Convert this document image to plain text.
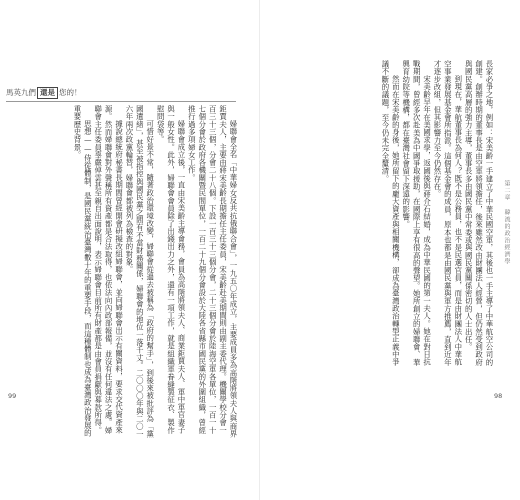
馬英九們 還是 您的！

婦聯會全名「中華婦女反共抗俄聯合會」，一九五〇年成立，主要成員多為高階將領夫人與商界鉅賈夫人，主要由蔣宋美齡長期擔任主任委員，宋美齡赴美期間則由副主委代理。機關學校分會一百三十三個，分會二十八個。下設一百三十三個分會，二十三個分會於陸海空軍各單位，一百一十七個分會於政府各機關暨民間單位，一百二十九個分會設於大陸各省縣市國民黨的外圍組織，曾經推行過多項婦女工作。

婦聯會成立後，一直由宋美齡主導會務，會員為高階將領夫人、商業鉅賈夫人、軍中軍官妻子與一般女性。此外，婦聯會會員除了出錢出力之外，還有一項工作，就是組織軍眷縫製征衣、製作慰問袋等。

可惜好景不常，隨著政治環境改變，婦聯會從過去被稱為「政府的幫手」，到後來被批評為「黨國遺緒」，甚至被指控與國民黨之間有不當財務關係，婦聯會的地位一落千丈。二〇〇〇年與二〇一六年兩次政黨輪替，婦聯會都被列為檢查的對象。

據說總統府秘書長期間曾經開會研擬改組婦聯會，並向婦聯會出示有關資料，要求交代資產來源。然而婦聯會對外聲稱所有資產都是合法取得，也依法向內政部報備，並沒有任何違法之處。婦聯會主任委員辜嚴倬雲甚至親自出面說明，表示婦聯會目前所有財產都是由會員捐獻與募款所得。

思想——侍從體制，是國民黨統治臺灣數十年的重要手段，而這種體制也成為臺灣政治發展的重要歷史背景。

99

長家必爭之地，例如：宋美齡一手建立了中華民國空軍，其後也一手主導了中華航空公司的創建。創辦時期的董事長是由空軍將領擔任，後來雖然改由財團法人經營，但仍然受到政府與國民黨高層的強力主導，董事長多由國民黨中常委或與國民黨關係密切的人士出任。

到現在，華航董事長為何人？既不是公務員，也不是民選官員，而是由財團法人中華航空事業發展基金會所指派。這個基金會的成員，原本也都是由國民黨與軍方推薦，直到近年才逐步改組，但其影響力至今仍然存在。

宋美齡早年在美國求學，返國後與蔣介石結婚，成為中華民國的第一夫人。她在對日抗戰期間，曾經多次赴美為中國爭取援助，在國際上享有很高的聲望。她所創立的婦聯會、華興育幼院等機構，都在臺灣社會留下深遠的影響。

然而在宋美齡的身後，她所留下的龐大資產與相關機構，卻成為臺灣政治轉型正義中爭議不斷的議題，至今仍未完全釐清。

第二章 韓流的政治經濟學
98
